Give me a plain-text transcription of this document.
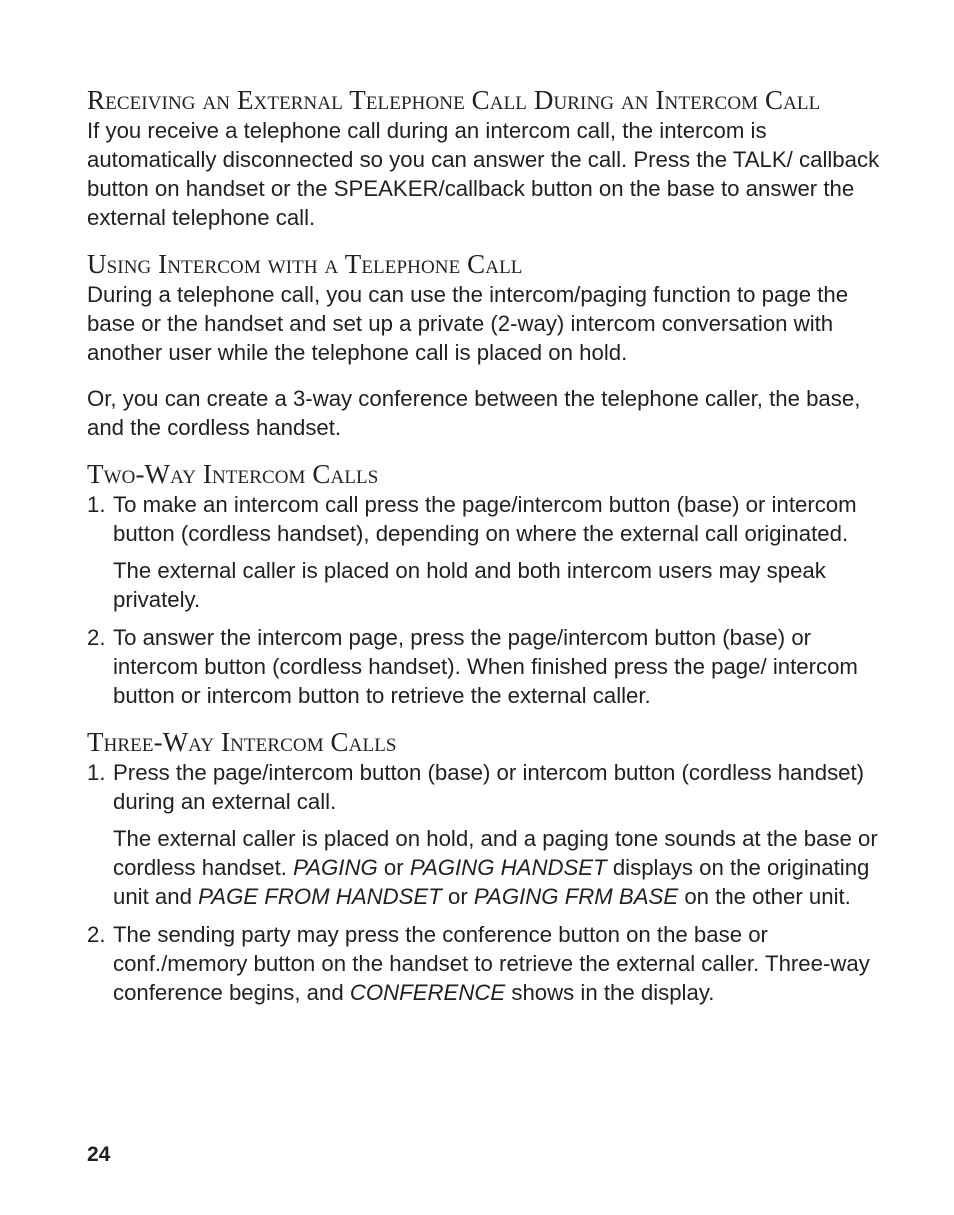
Receiving an External Telephone Call During an Intercom Call

If you receive a telephone call during an intercom call, the intercom is automatically disconnected so you can answer the call. Press the TALK/ callback button on handset or the SPEAKER/callback button on the base to answer the external telephone call.

Using Intercom with a Telephone Call

During a telephone call, you can use the intercom/paging function to page the base or the handset and set up a private (2-way) intercom conversation with another user while the telephone call is placed on hold.

Or, you can create a 3-way conference between the telephone caller, the base, and the cordless handset.

Two-Way Intercom Calls
1. To make an intercom call press the page/intercom button (base) or intercom button (cordless handset), depending on where the external call originated.

The external caller is placed on hold and both intercom users may speak privately.

2. To answer the intercom page, press the page/intercom button (base) or intercom button (cordless handset). When finished press the page/ intercom button or intercom button to retrieve the external caller.

Three-Way Intercom Calls
1. Press the page/intercom button (base) or intercom button (cordless handset) during an external call.

The external caller is placed on hold, and a paging tone sounds at the base or cordless handset. PAGING or PAGING HANDSET displays on the originating unit and PAGE FROM HANDSET or PAGING FRM BASE on the other unit.

2. The sending party may press the conference button on the base or conf./memory button on the handset to retrieve the external caller. Three-way conference begins, and CONFERENCE shows in the display.

24
